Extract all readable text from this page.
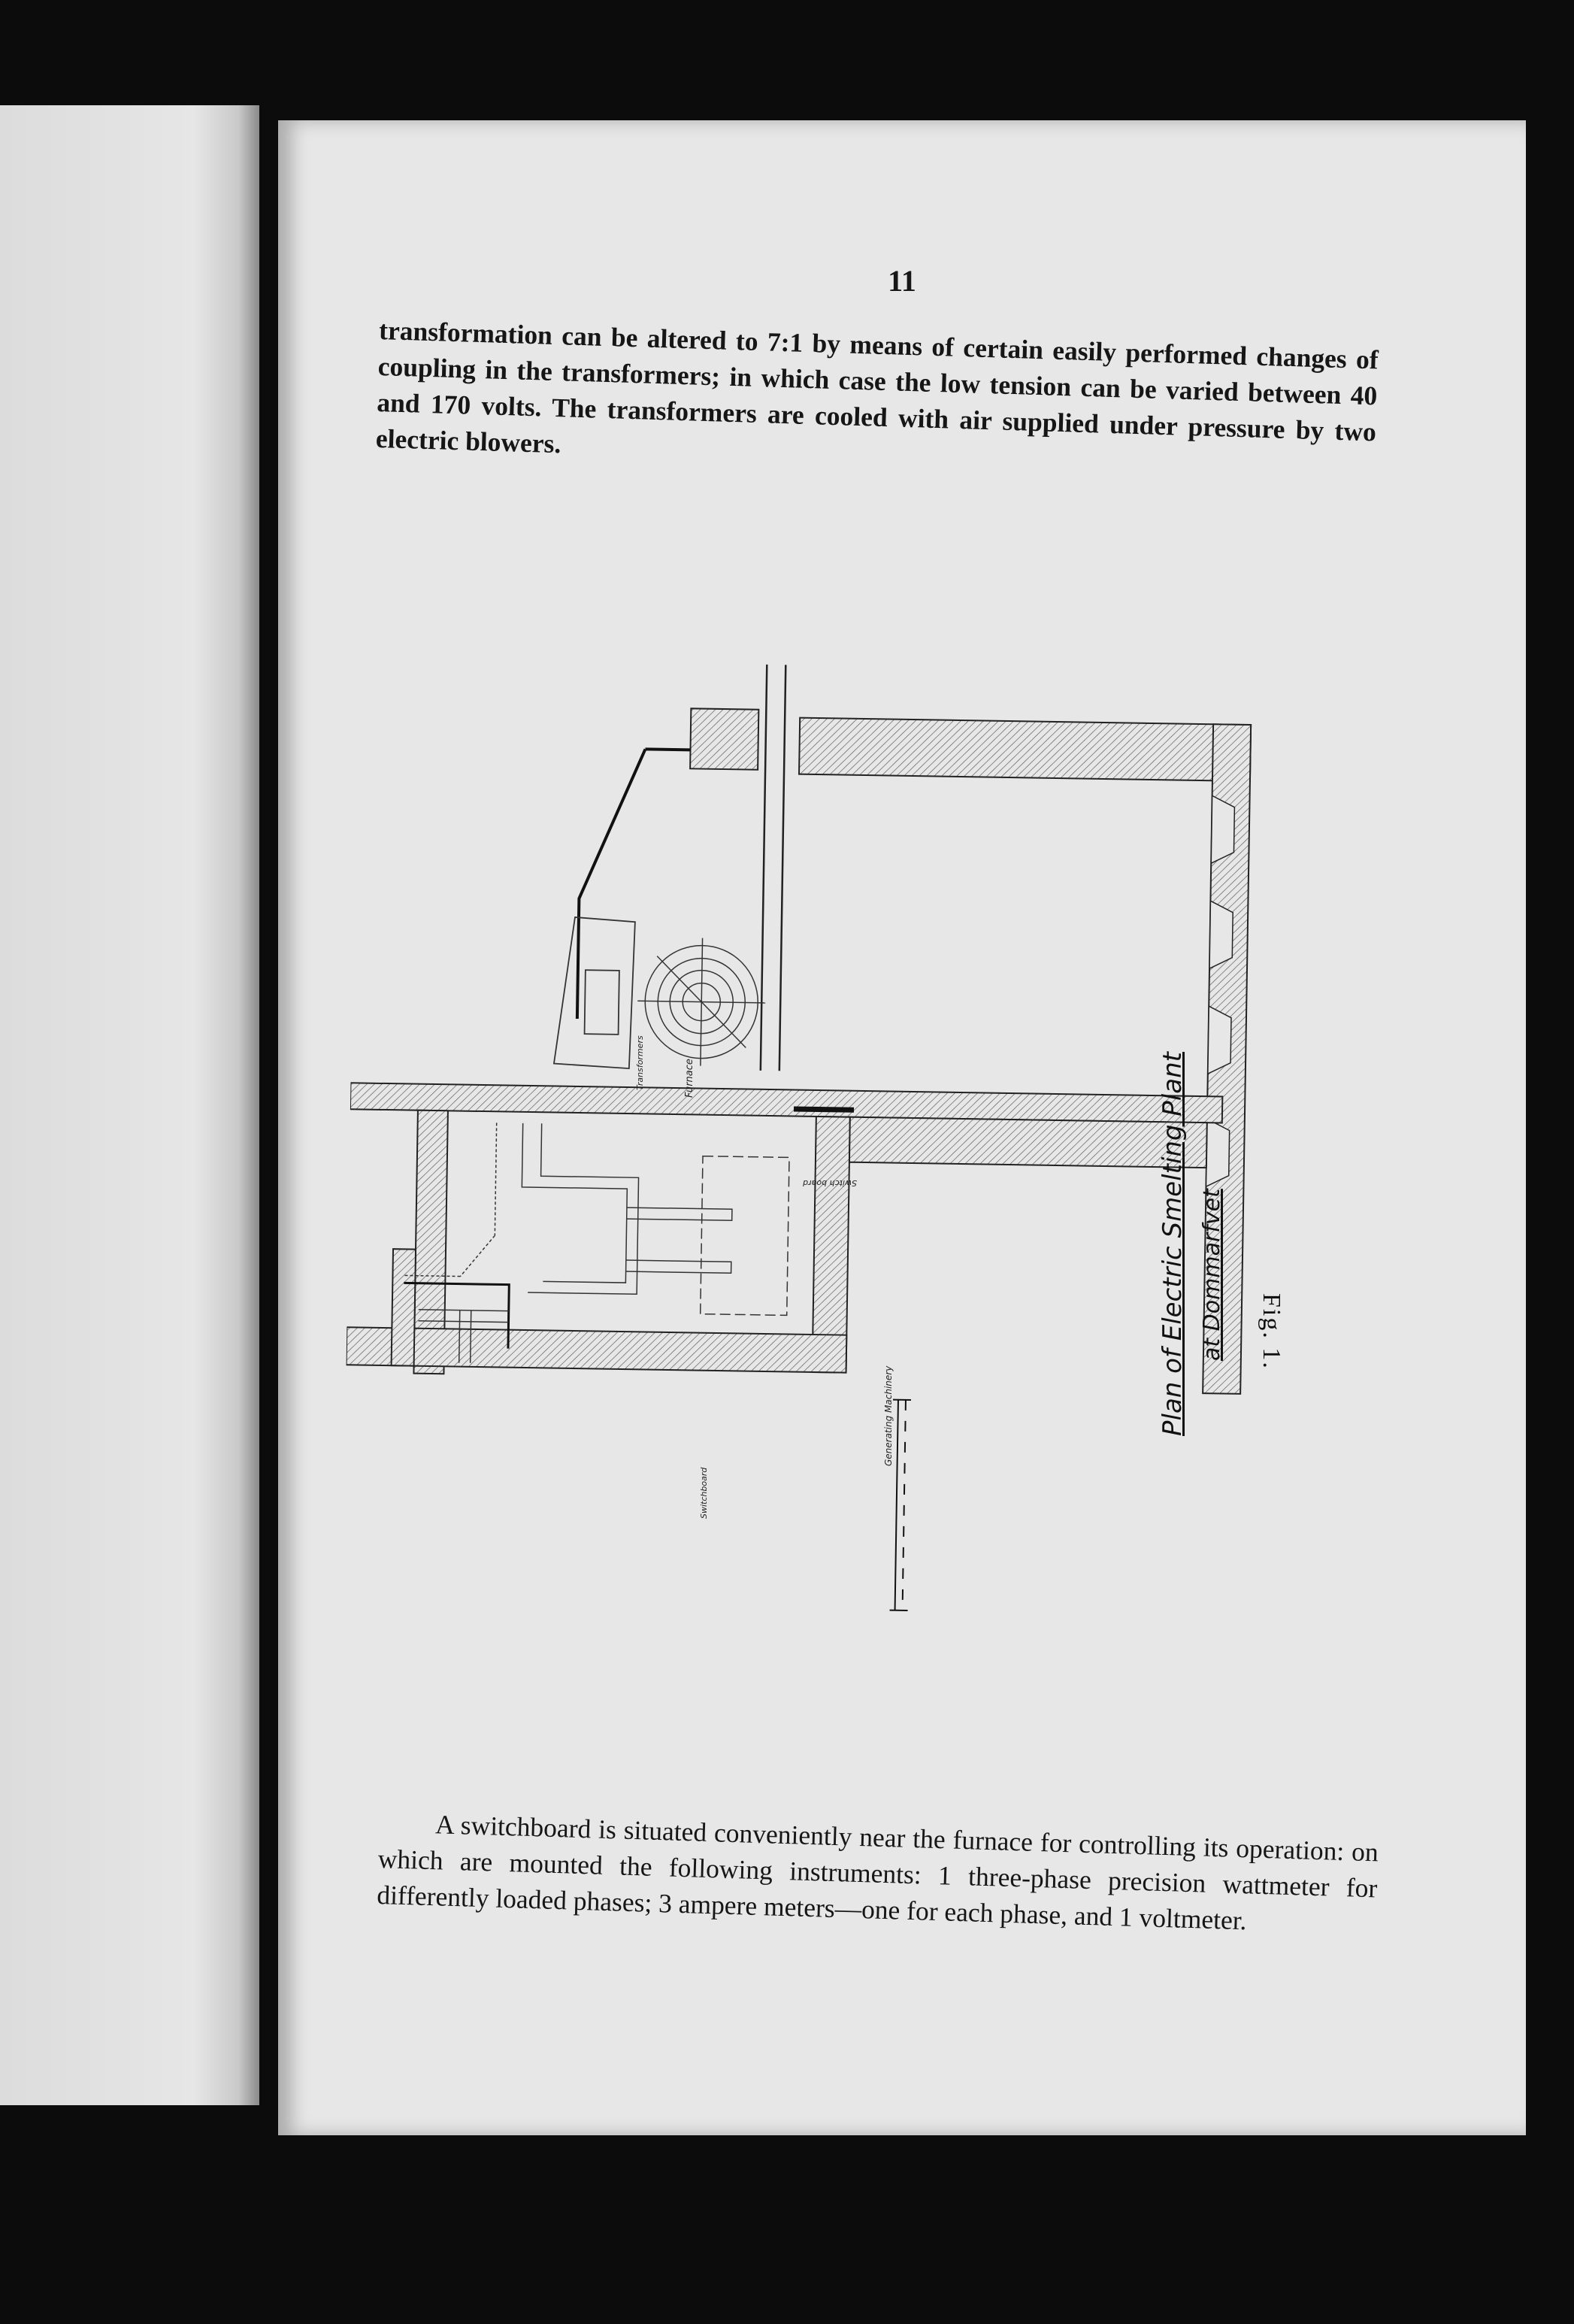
11
transformation can be altered to 7:1 by means of certain easily performed changes of coupling in the transformers; in which case the low tension can be varied between 40 and 170 volts. The transformers are cooled with air supplied under pressure by two electric blowers.
Transformers	Furnace
Generating Machinery
Switchboard
Switch board
Fig. 1.
Plan of Electric Smelting Plant at Dommarfvet
A switchboard is situated conveniently near the furnace for controlling its operation: on which are mounted the following instruments: 1 three-phase precision wattmeter for differently loaded phases; 3 ampere meters—one for each phase, and 1 voltmeter.
